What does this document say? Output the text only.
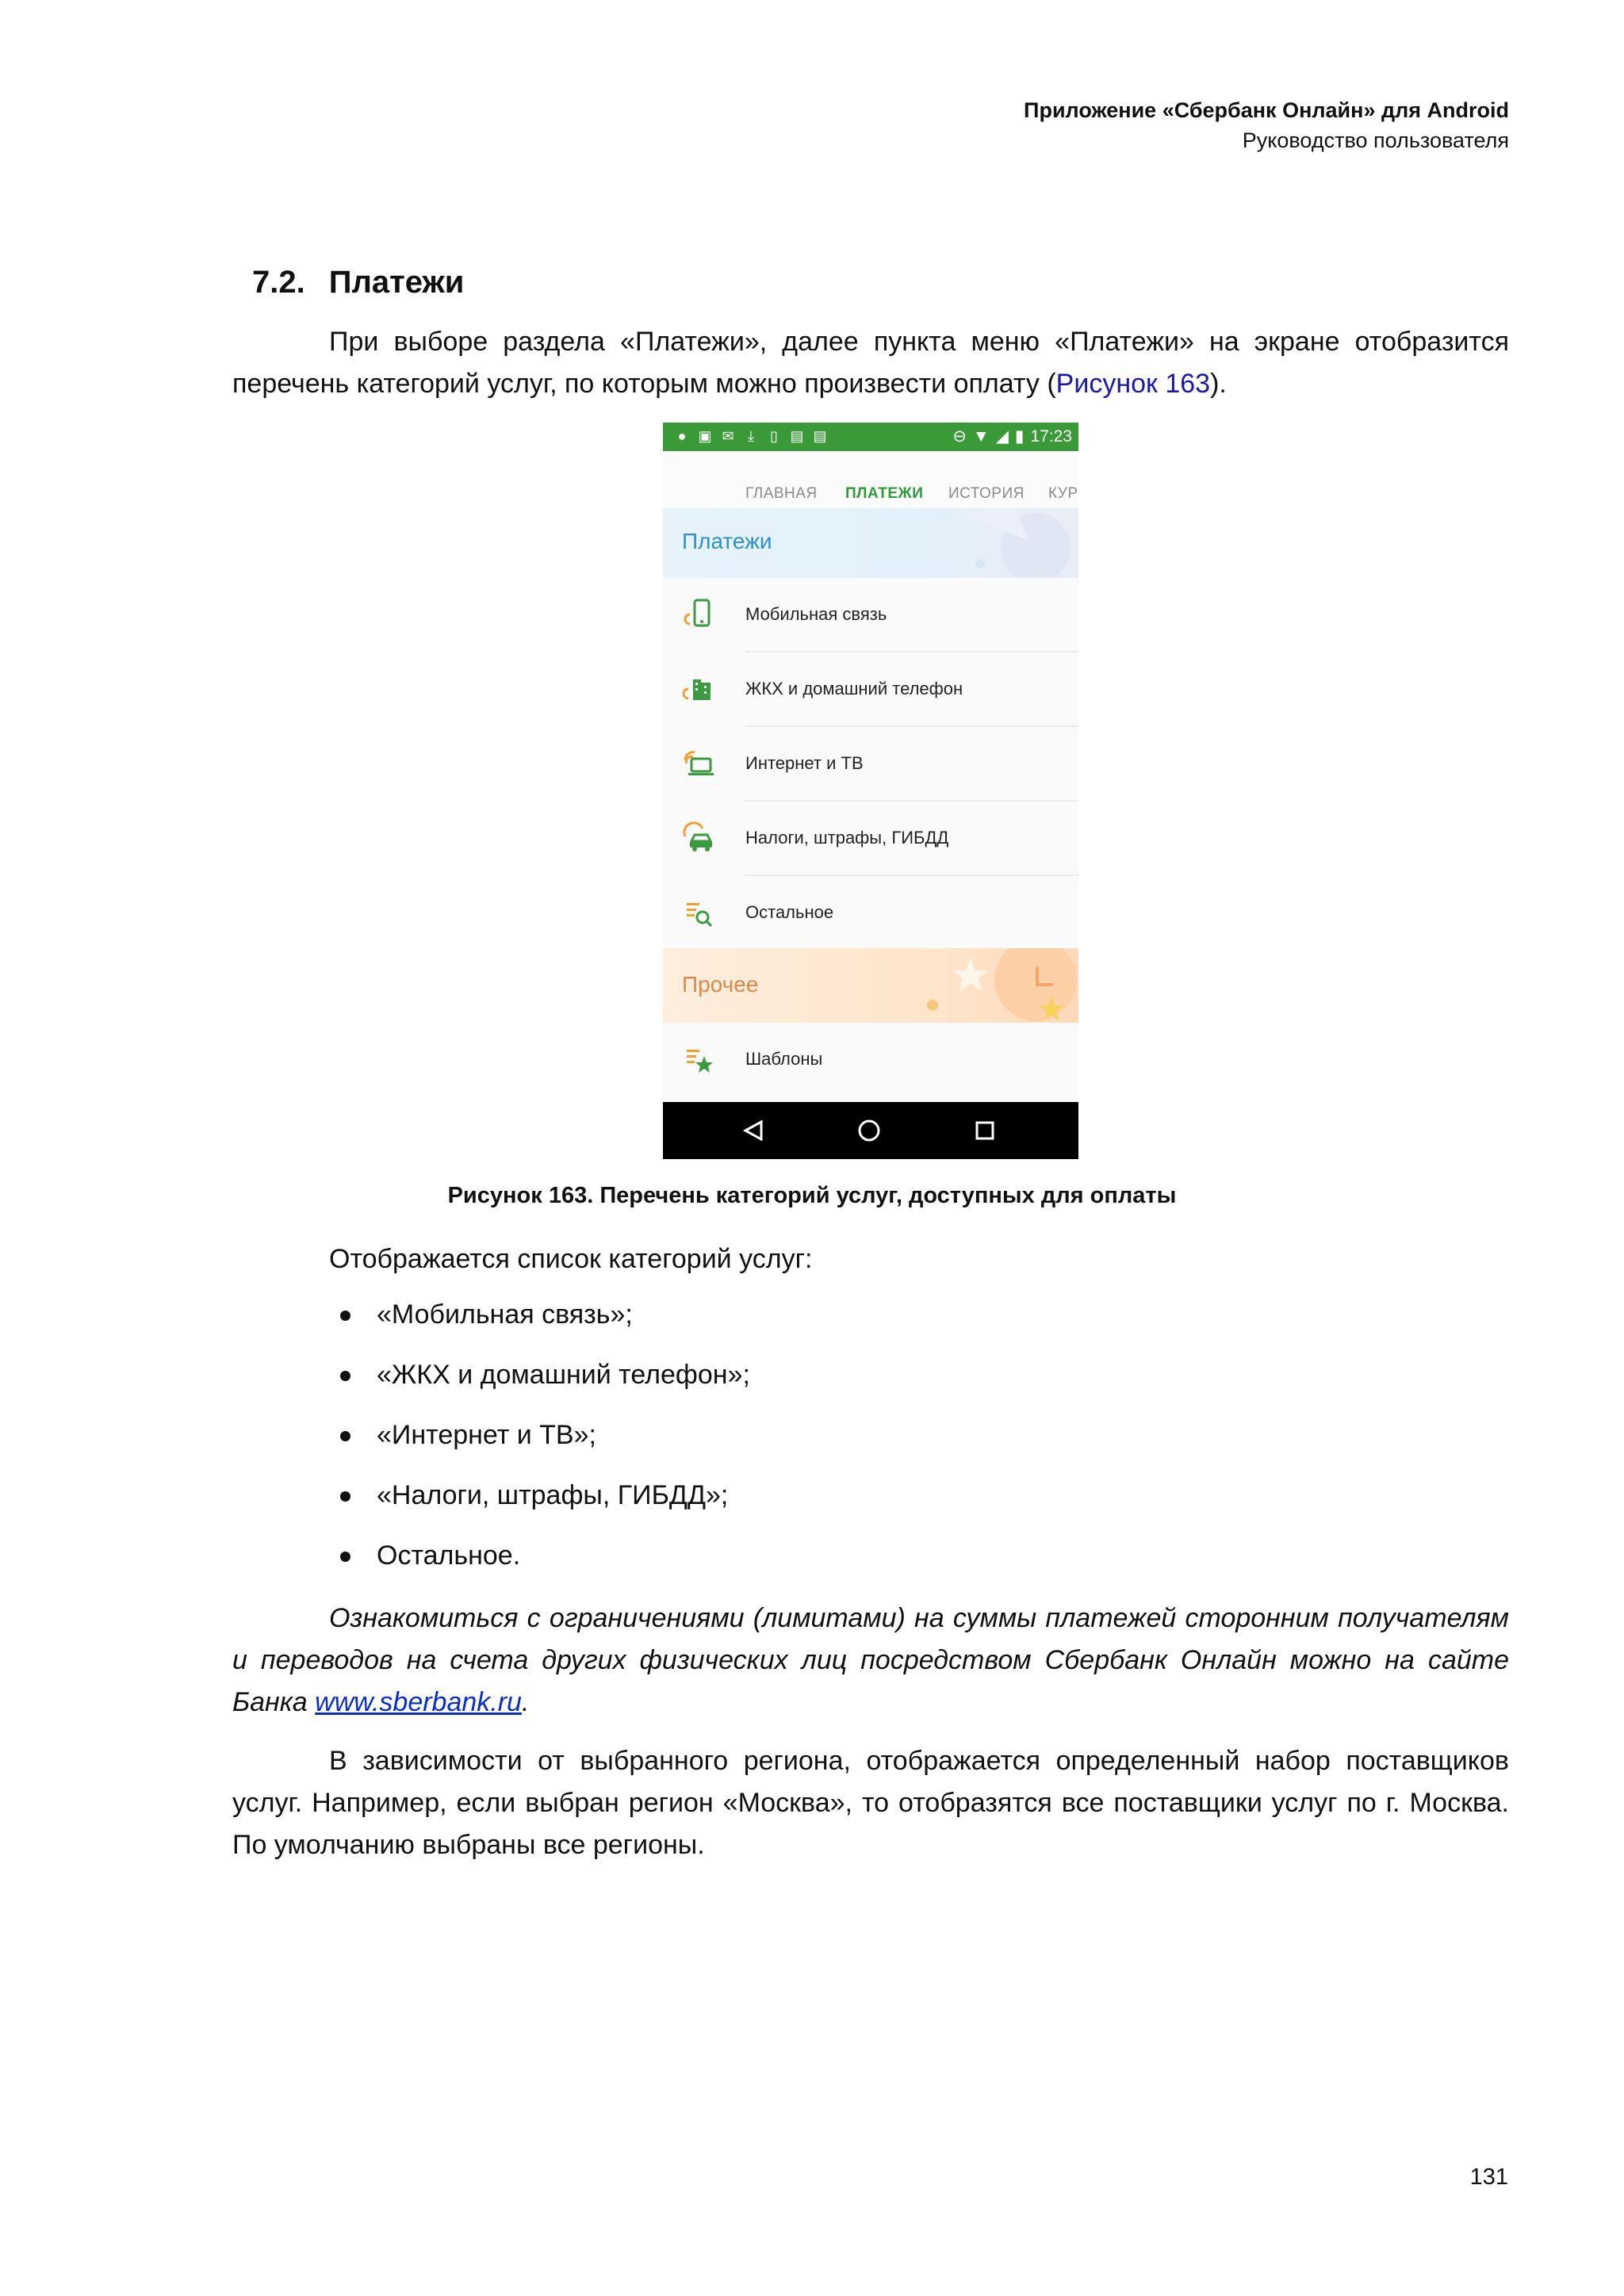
Приложение «Сбербанк Онлайн» для Android
Руководство пользователя
7.2. Платежи
При выборе раздела «Платежи», далее пункта меню «Платежи» на экране отобразится перечень категорий услуг, по которым можно произвести оплату (Рисунок 163).
● ▣ ✉ ⤓	▯ ▤ ▤	⊖ ▼ ◢ ▮ 17:23
ГЛАВНАЯ ПЛАТЕЖИ ИСТОРИЯ КУР
Платежи
Мобильная связь
ЖКХ и домашний телефон
Интернет и ТВ
Налоги, штрафы, ГИБДД
Остальное
Прочее
Шаблоны
Рисунок 163. Перечень категорий услуг, доступных для оплаты
Отображается список категорий услуг:
«Мобильная связь»;
«ЖКХ и домашний телефон»;
«Интернет и ТВ»;
«Налоги, штрафы, ГИБДД»;
Остальное.
Ознакомиться с ограничениями (лимитами) на суммы платежей сторонним получателям и переводов на счета других физических лиц посредством Сбербанк Онлайн можно на сайте Банка www.sberbank.ru.
В зависимости от выбранного региона, отображается определенный набор поставщиков услуг. Например, если выбран регион «Москва», то отобразятся все поставщики услуг по г. Москва. По умолчанию выбраны все регионы.
131
